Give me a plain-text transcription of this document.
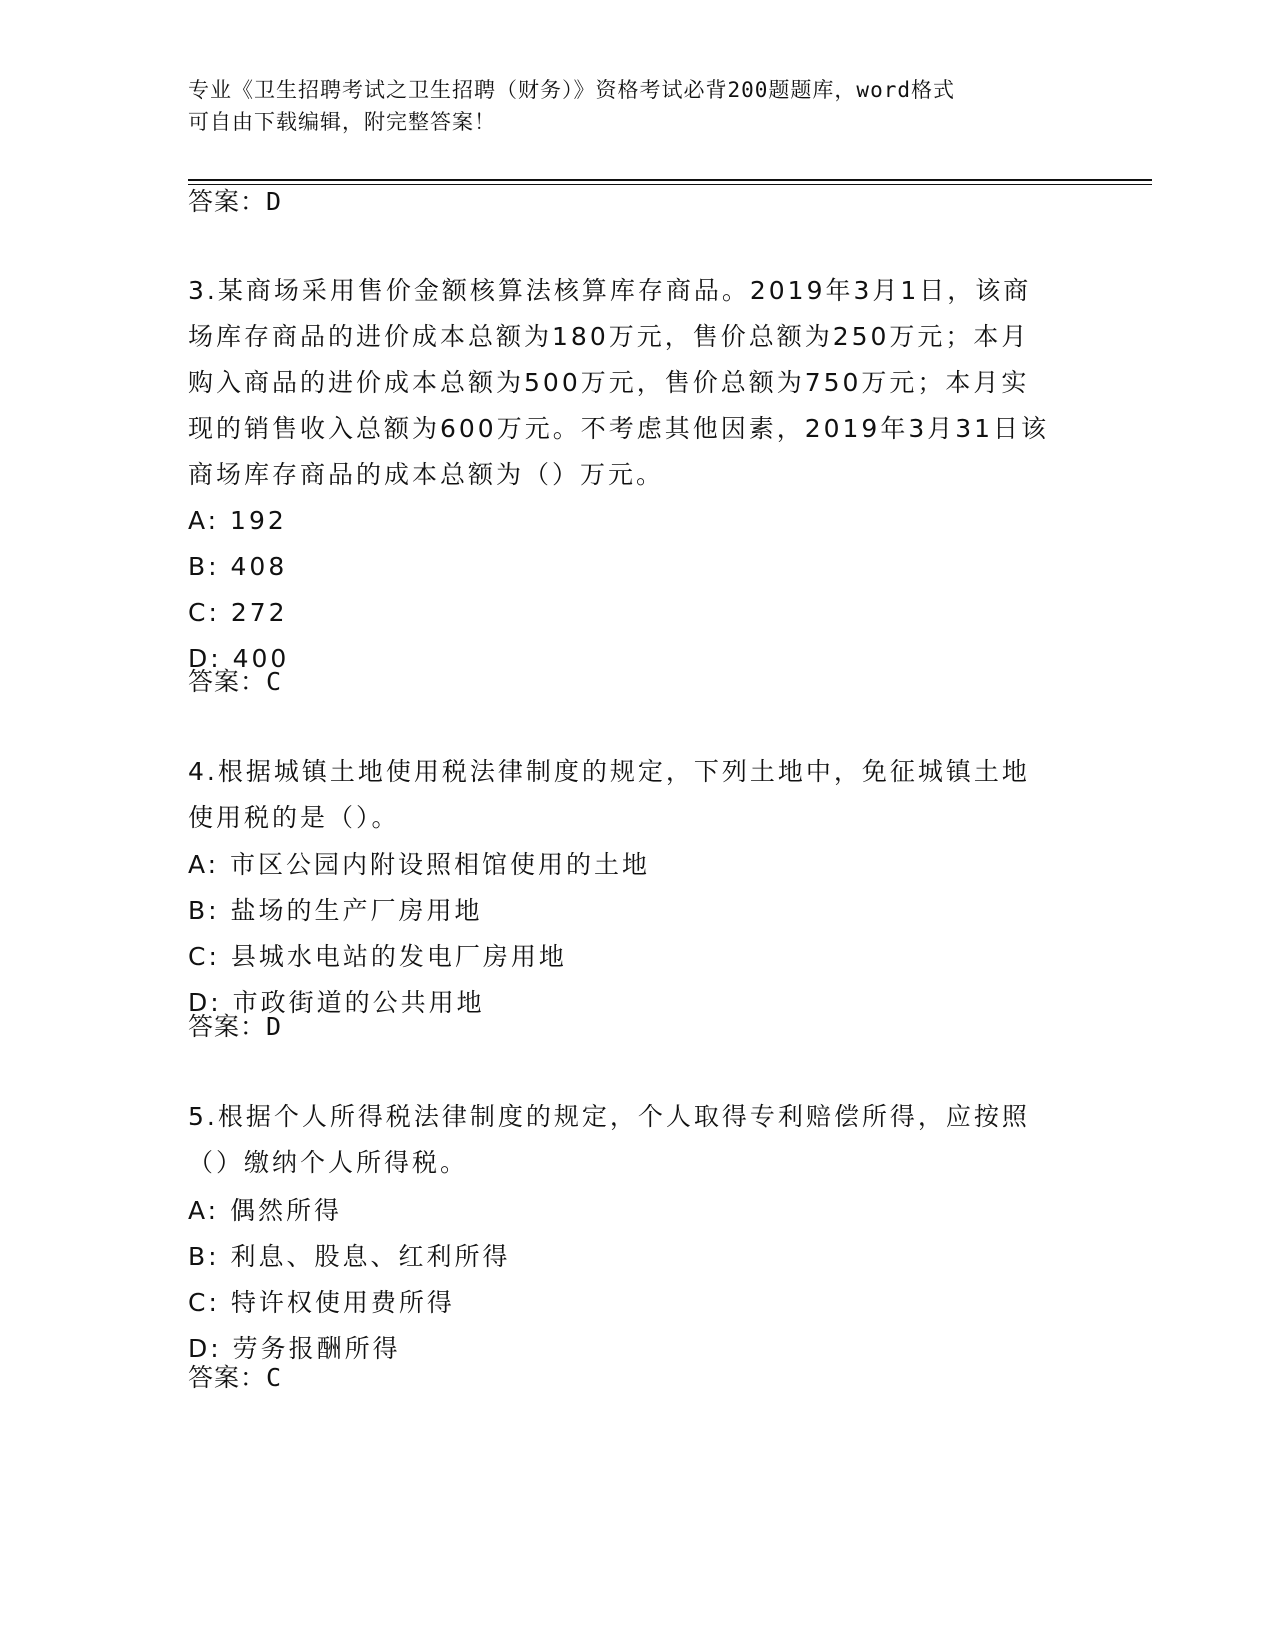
专业《卫生招聘考试之卫生招聘（财务）》资格考试必背200题题库，word格式
可自由下载编辑，附完整答案！
答案：D
3.某商场采用售价金额核算法核算库存商品。2019年3月1日，该商
场库存商品的进价成本总额为180万元，售价总额为250万元；本月
购入商品的进价成本总额为500万元，售价总额为750万元；本月实
现的销售收入总额为600万元。不考虑其他因素，2019年3月31日该
商场库存商品的成本总额为（）万元。
A: 192
B: 408
C: 272
D: 400
答案：C
4.根据城镇土地使用税法律制度的规定，下列土地中，免征城镇土地
使用税的是（）。
A: 市区公园内附设照相馆使用的土地
B: 盐场的生产厂房用地
C: 县城水电站的发电厂房用地
D: 市政街道的公共用地
答案：D
5.根据个人所得税法律制度的规定，个人取得专利赔偿所得，应按照
（）缴纳个人所得税。
A: 偶然所得
B: 利息、股息、红利所得
C: 特许权使用费所得
D: 劳务报酬所得
答案：C
